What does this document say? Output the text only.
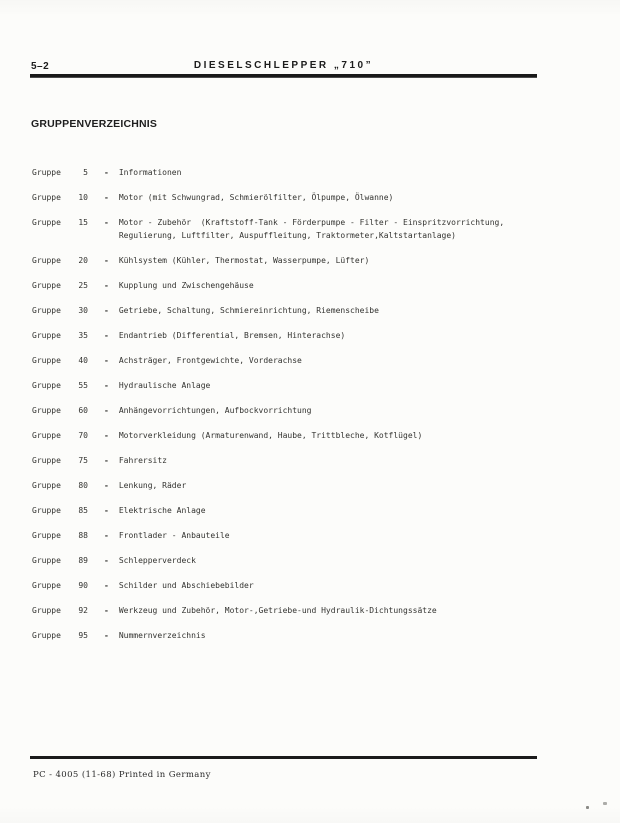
5–2	DIESELSCHLEPPER „710”
GRUPPENVERZEICHNIS
Gruppe	5 - Informationen
Gruppe	10 - Motor (mit Schwungrad, Schmierölfilter, Ölpumpe, Ölwanne)
Gruppe	15 - Motor - Zubehör  (Kraftstoff-Tank - Förderpumpe - Filter - Einspritzvorrichtung,
Regulierung, Luftfilter, Auspuffleitung, Traktormeter,Kaltstartanlage)
Gruppe	20 - Kühlsystem (Kühler, Thermostat, Wasserpumpe, Lüfter)
Gruppe	25 - Kupplung und Zwischengehäuse
Gruppe	30 - Getriebe, Schaltung, Schmiereinrichtung, Riemenscheibe
Gruppe	35 - Endantrieb (Differential, Bremsen, Hinterachse)
Gruppe	40 - Achsträger, Frontgewichte, Vorderachse
Gruppe	55 - Hydraulische Anlage
Gruppe	60 - Anhängevorrichtungen, Aufbockvorrichtung
Gruppe	70 - Motorverkleidung (Armaturenwand, Haube, Trittbleche, Kotflügel)
Gruppe	75 - Fahrersitz
Gruppe	80 - Lenkung, Räder
Gruppe	85 - Elektrische Anlage
Gruppe	88 - Frontlader - Anbauteile
Gruppe	89 - Schlepperverdeck
Gruppe	90 - Schilder und Abschiebebilder
Gruppe	92 - Werkzeug und Zubehör, Motor-,Getriebe-und Hydraulik-Dichtungssätze
Gruppe	95 - Nummernverzeichnis
PC - 4005 (11-68) Printed in Germany
